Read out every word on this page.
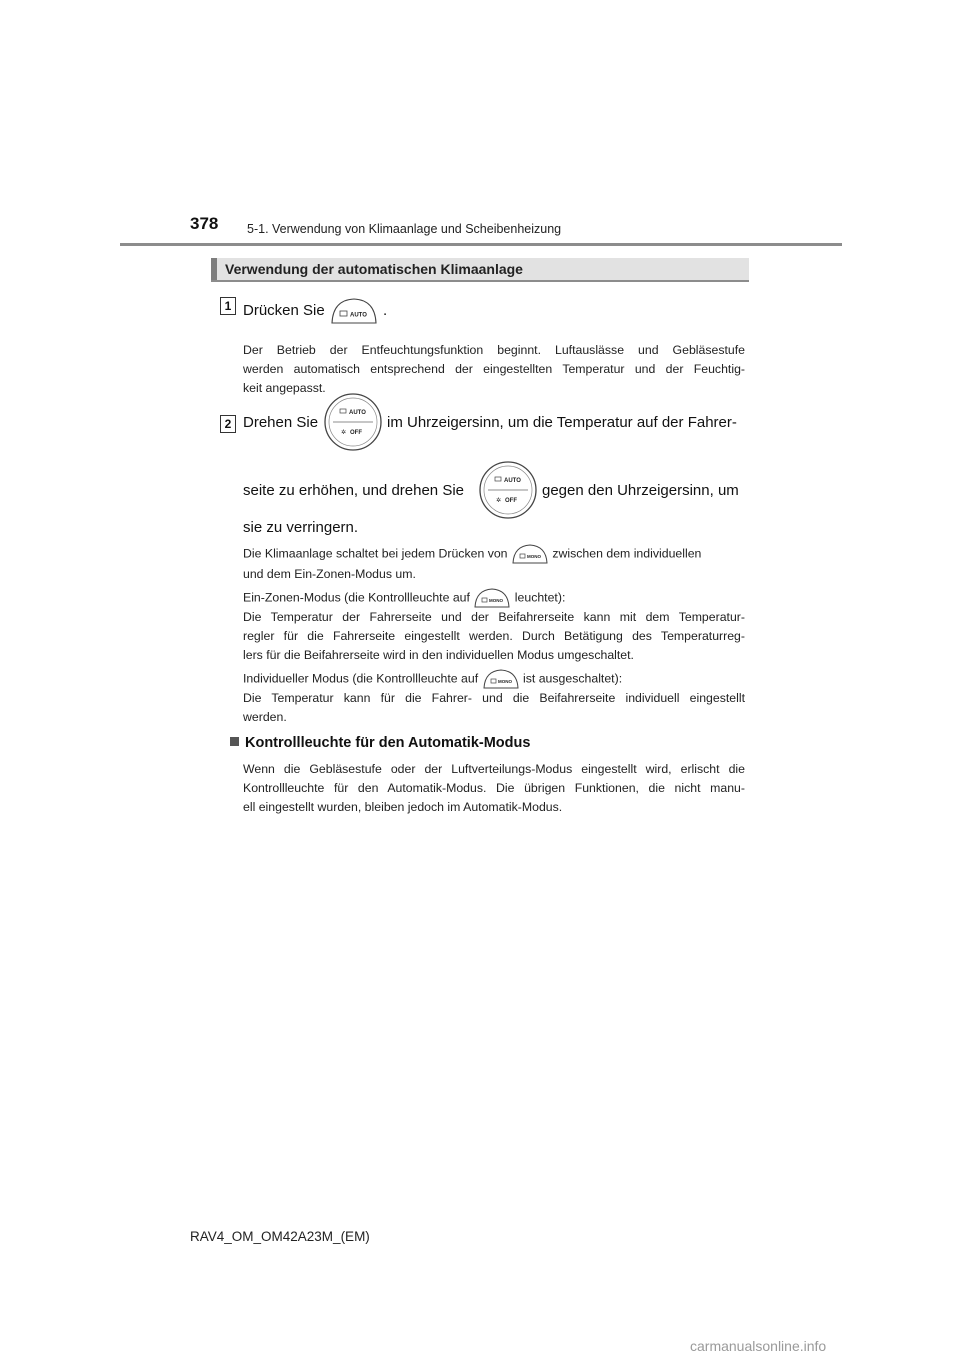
378 5-1. Verwendung von Klimaanlage und Scheibenheizung
Verwendung der automatischen Klimaanlage
1 Drücken Sie	AUTO .
Der Betrieb der Entfeuchtungsfunktion beginnt. Luftauslässe und Gebläsestufe
werden automatisch entsprechend der eingestellten Temperatur und der Feuchtig-
keit angepasst.
2 Drehen Sie
AUTO
✲ OFF
im Uhrzeigersinn, um die Temperatur auf der Fahrer-
seite zu erhöhen, und drehen Sie
AUTO
✲ OFF
gegen den Uhrzeigersinn, um
sie zu verringern.
Die Klimaanlage schaltet bei jedem Drücken von	MONO zwischen dem individuellen
und dem Ein-Zonen-Modus um.
Ein-Zonen-Modus (die Kontrollleuchte auf	MONO leuchtet):
Die Temperatur der Fahrerseite und der Beifahrerseite kann mit dem Temperatur-
regler für die Fahrerseite eingestellt werden. Durch Betätigung des Temperaturreg-
lers für die Beifahrerseite wird in den individuellen Modus umgeschaltet.
Individueller Modus (die Kontrollleuchte auf	MONO ist ausgeschaltet):
Die Temperatur kann für die Fahrer- und die Beifahrerseite individuell eingestellt
werden.
Kontrollleuchte für den Automatik-Modus
Wenn die Gebläsestufe oder der Luftverteilungs-Modus eingestellt wird, erlischt die
Kontrollleuchte für den Automatik-Modus. Die übrigen Funktionen, die nicht manu-
ell eingestellt wurden, bleiben jedoch im Automatik-Modus.
RAV4_OM_OM42A23M_(EM)
carmanualsonline.info
